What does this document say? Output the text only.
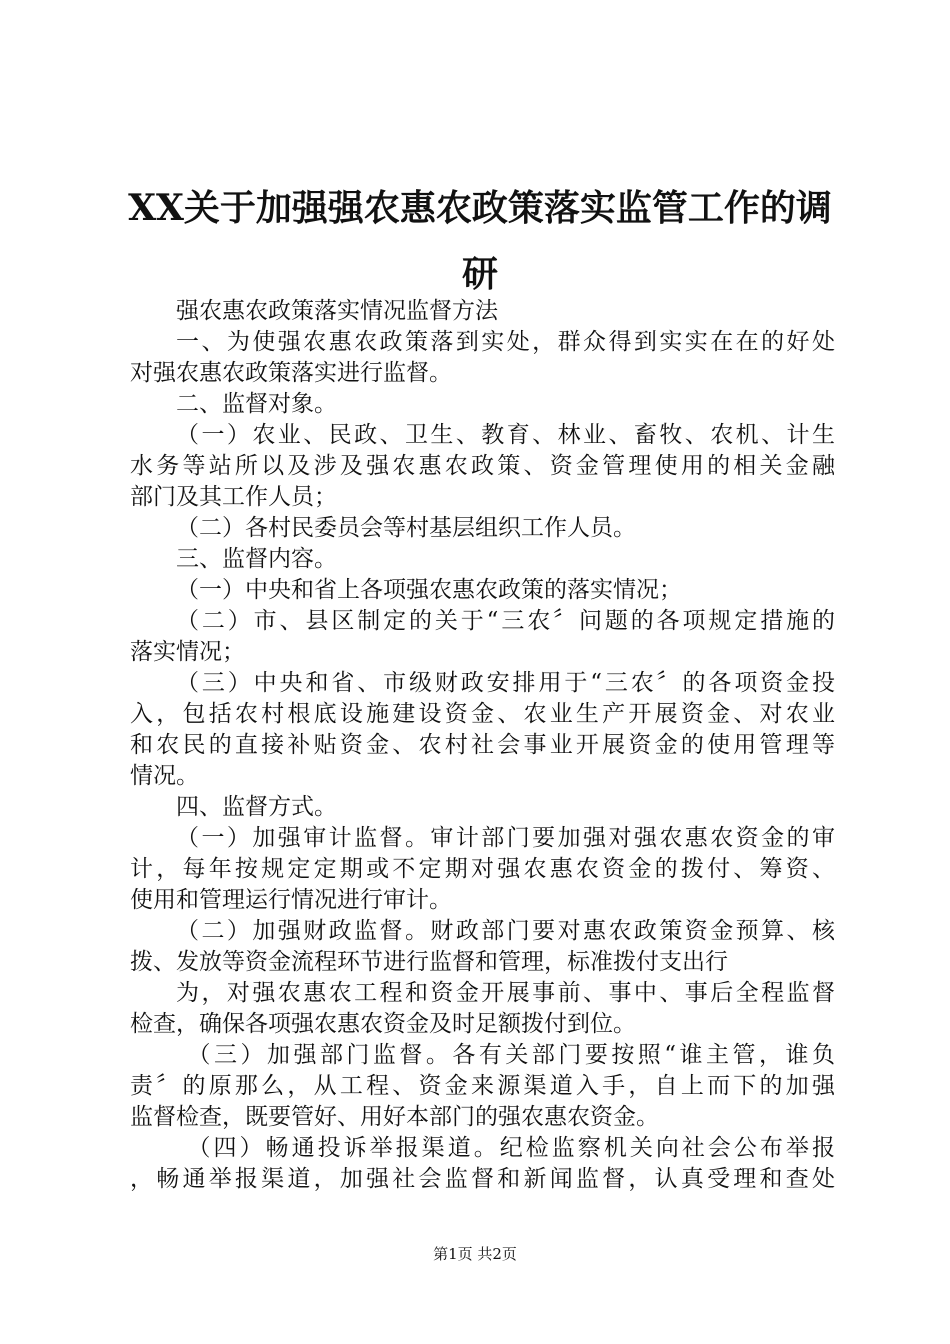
XX关于加强强农惠农政策落实监管工作的调
研
强农惠农政策落实情况监督方法
一、为使强农惠农政策落到实处，群众得到实实在在的好处
对强农惠农政策落实进行监督。
二、监督对象。
（一）农业、民政、卫生、教育、林业、畜牧、农机、计生
水务等站所以及涉及强农惠农政策、资金管理使用的相关金融
部门及其工作人员；
（二）各村民委员会等村基层组织工作人员。
三、监督内容。
（一）中央和省上各项强农惠农政策的落实情况；
（二）市、县区制定的关于“三农〞问题的各项规定措施的
落实情况；
（三）中央和省、市级财政安排用于“三农〞的各项资金投
入，包括农村根底设施建设资金、农业生产开展资金、对农业
和农民的直接补贴资金、农村社会事业开展资金的使用管理等
情况。
四、监督方式。
（一）加强审计监督。审计部门要加强对强农惠农资金的审
计，每年按规定定期或不定期对强农惠农资金的拨付、筹资、
使用和管理运行情况进行审计。
（二）加强财政监督。财政部门要对惠农政策资金预算、核
拨、发放等资金流程环节进行监督和管理，标准拨付支出行
为，对强农惠农工程和资金开展事前、事中、事后全程监督
检查，确保各项强农惠农资金及时足额拨付到位。
（三）加强部门监督。各有关部门要按照“谁主管，谁负
责〞的原那么，从工程、资金来源渠道入手，自上而下的加强
监督检查，既要管好、用好本部门的强农惠农资金。
（四）畅通投诉举报渠道。纪检监察机关向社会公布举报
，畅通举报渠道，加强社会监督和新闻监督，认真受理和查处
第1页 共2页
